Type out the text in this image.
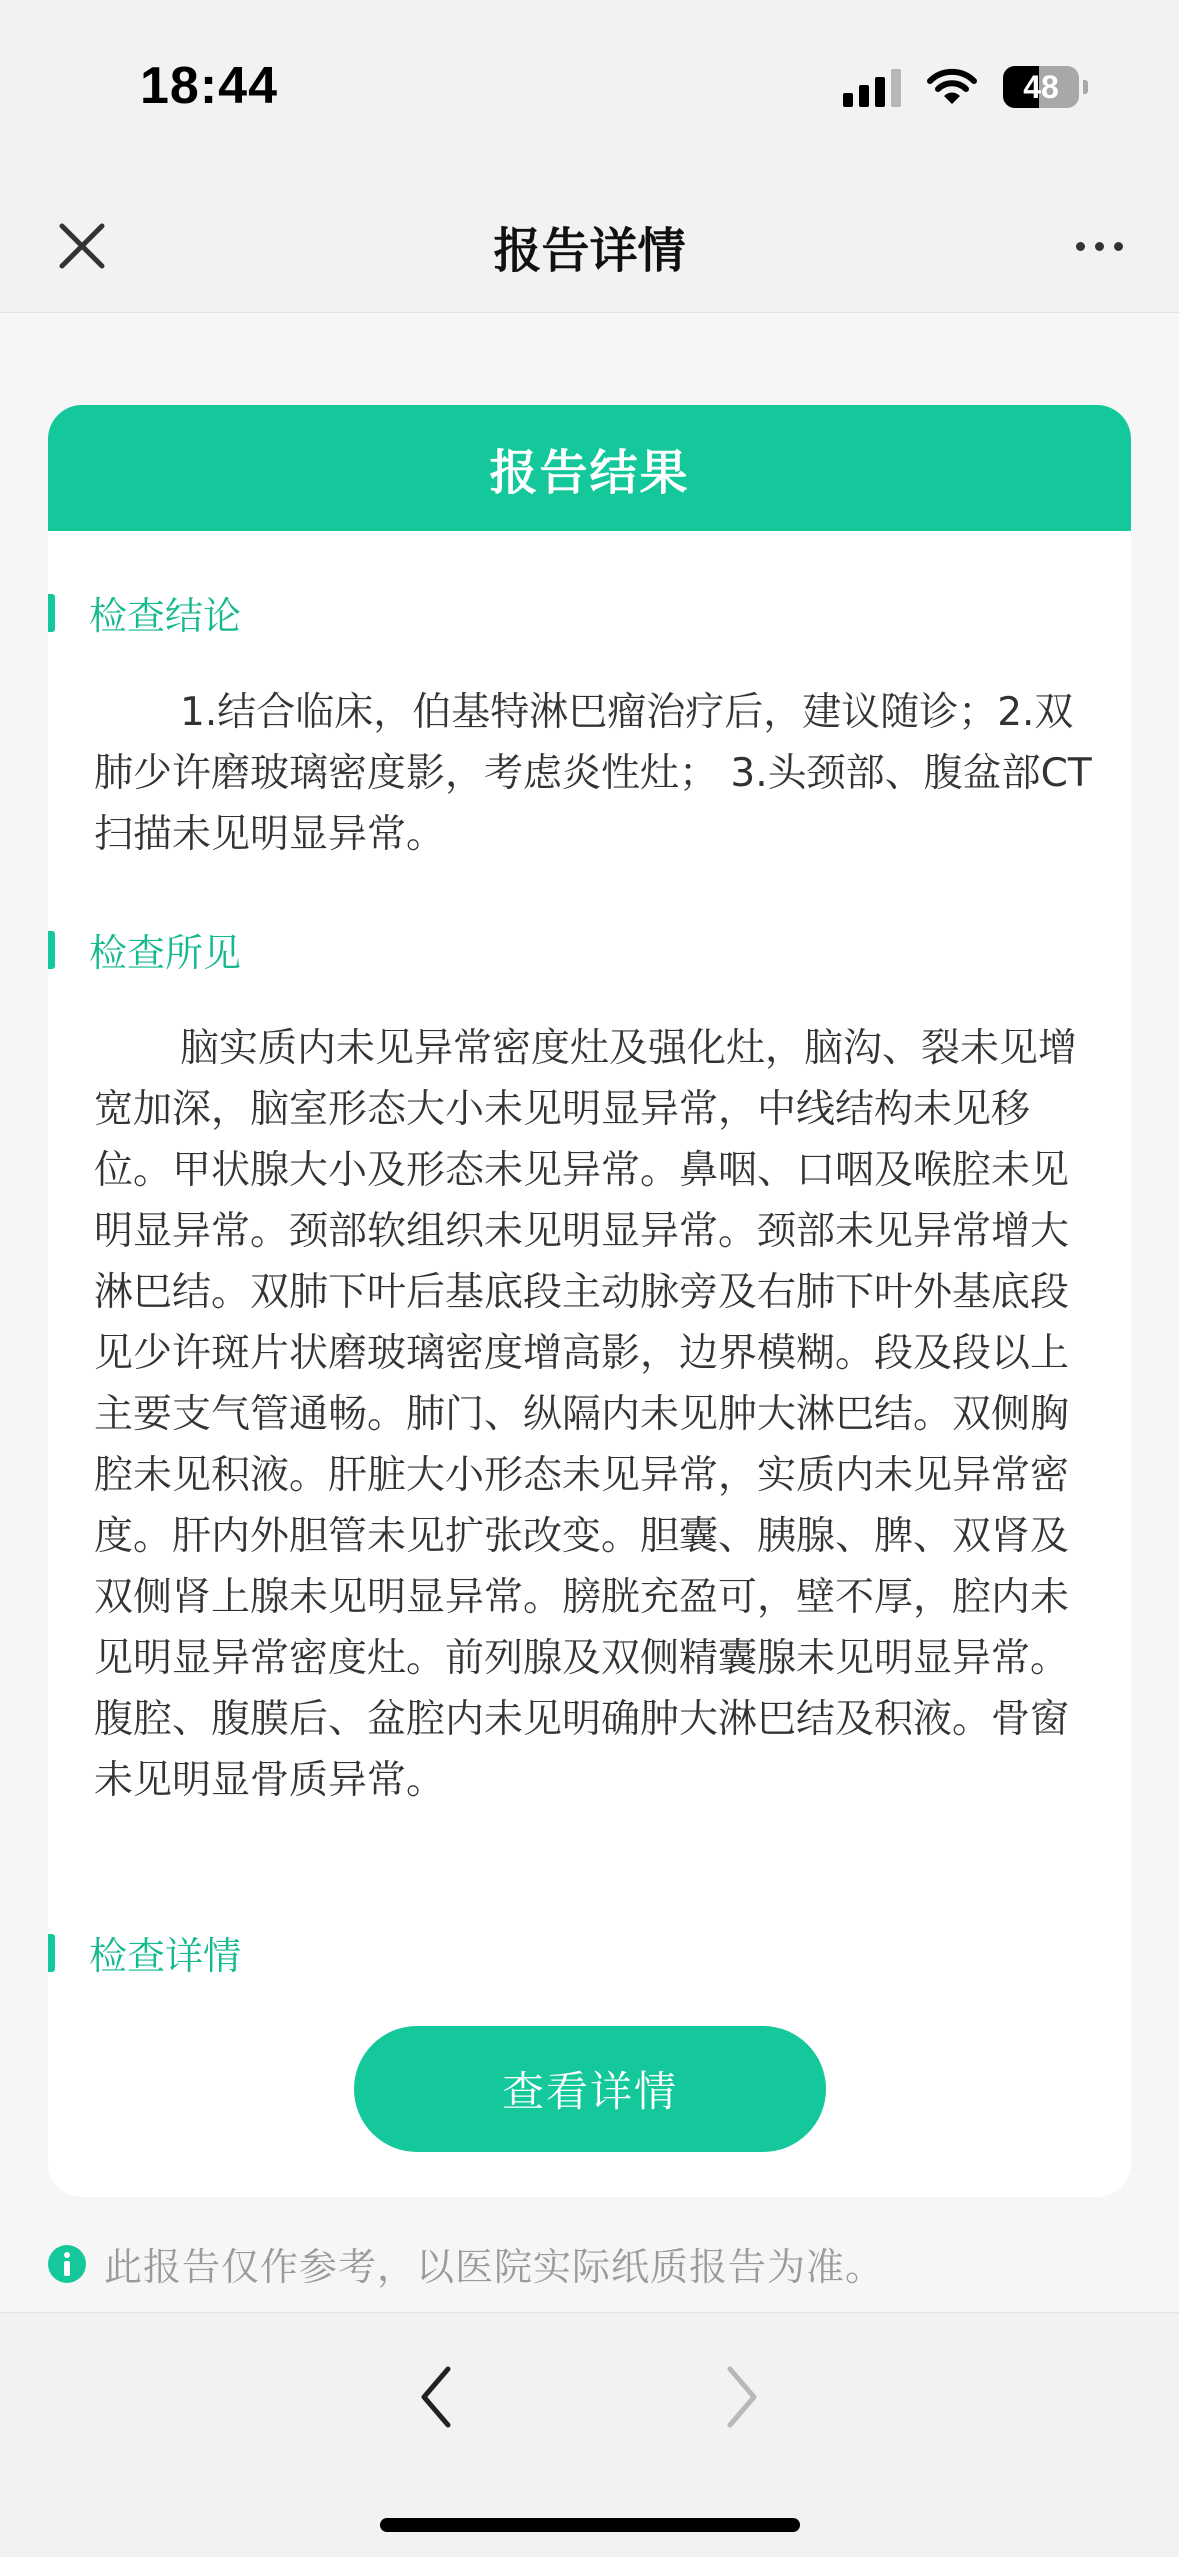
18:44	48
报告详情
报告结果
检查结论
1.结合临床，伯基特淋巴瘤治疗后，建议随诊；2.双肺少许磨玻璃密度影，考虑炎性灶； 3.头颈部、腹盆部CT扫描未见明显异常。
检查所见
脑实质内未见异常密度灶及强化灶，脑沟、裂未见增宽加深，脑室形态大小未见明显异常，中线结构未见移位。甲状腺大小及形态未见异常。鼻咽、口咽及喉腔未见明显异常。颈部软组织未见明显异常。颈部未见异常增大淋巴结。双肺下叶后基底段主动脉旁及右肺下叶外基底段见少许斑片状磨玻璃密度增高影，边界模糊。段及段以上主要支气管通畅。肺门、纵隔内未见肿大淋巴结。双侧胸腔未见积液。肝脏大小形态未见异常，实质内未见异常密度。肝内外胆管未见扩张改变。胆囊、胰腺、脾、双肾及双侧肾上腺未见明显异常。膀胱充盈可，壁不厚，腔内未见明显异常密度灶。前列腺及双侧精囊腺未见明显异常。腹腔、腹膜后、盆腔内未见明确肿大淋巴结及积液。骨窗未见明显骨质异常。
检查详情
查看详情
此报告仅作参考，以医院实际纸质报告为准。
